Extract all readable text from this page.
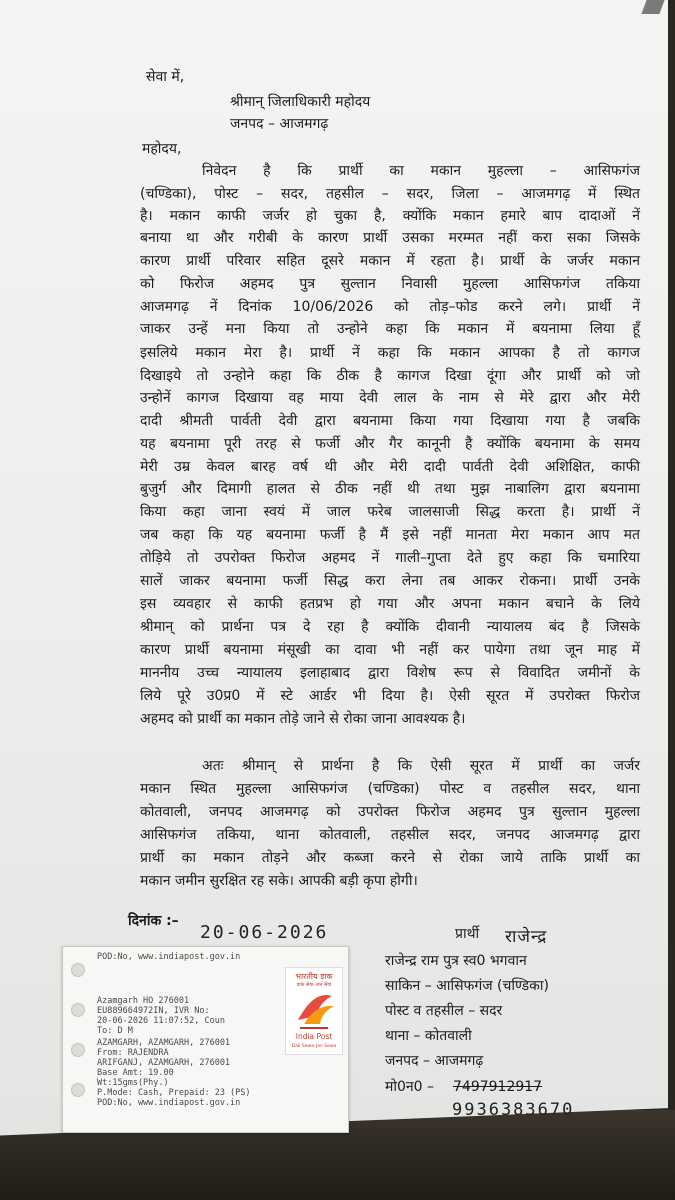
सेवा में,
श्रीमान् जिलाधिकारी महोदय
जनपद – आजमगढ़
महोदय,
निवेदन है कि प्रार्थी का मकान मुहल्ला – आसिफगंज
(चण्डिका), पोस्ट – सदर, तहसील – सदर, जिला – आजमगढ़ में स्थित
है। मकान काफी जर्जर हो चुका है, क्योंकि मकान हमारे बाप दादाओं नें
बनाया था और गरीबी के कारण प्रार्थी उसका मरम्मत नहीं करा सका जिसके
कारण प्रार्थी परिवार सहित दूसरे मकान में रहता है। प्रार्थी के जर्जर मकान
को फिरोज अहमद पुत्र सुल्तान निवासी मुहल्ला आसिफगंज तकिया
आजमगढ़ नें दिनांक 10/06/2026 को तोड़–फोड करने लगे। प्रार्थी नें
जाकर उन्हें मना किया तो उन्होने कहा कि मकान में बयनामा लिया हूँ
इसलिये मकान मेरा है। प्रार्थी नें कहा कि मकान आपका है तो कागज
दिखाइये तो उन्होने कहा कि ठीक है कागज दिखा दूंगा और प्रार्थी को जो
उन्होनें कागज दिखाया वह माया देवी लाल के नाम से मेरे द्वारा और मेरी
दादी श्रीमती पार्वती देवी द्वारा बयनामा किया गया दिखाया गया है जबकि
यह बयनामा पूरी तरह से फर्जी और गैर कानूनी है क्योंकि बयनामा के समय
मेरी उम्र केवल बारह वर्ष थी और मेरी दादी पार्वती देवी अशिक्षित, काफी
बुजुर्ग और दिमागी हालत से ठीक नहीं थी तथा मुझ नाबालिग द्वारा बयनामा
किया कहा जाना स्वयं में जाल फरेब जालसाजी सिद्ध करता है। प्रार्थी नें
जब कहा कि यह बयनामा फर्जी है मैं इसे नहीं मानता मेरा मकान आप मत
तोड़िये तो उपरोक्त फिरोज अहमद नें गाली–गुप्ता देते हुए कहा कि चमारिया
सालें जाकर बयनामा फर्जी सिद्ध करा लेना तब आकर रोकना। प्रार्थी उनके
इस व्यवहार से काफी हतप्रभ हो गया और अपना मकान बचाने के लिये
श्रीमान् को प्रार्थना पत्र दे रहा है क्योंकि दीवानी न्यायालय बंद है जिसके
कारण प्रार्थी बयनामा मंसूखी का दावा भी नहीं कर पायेगा तथा जून माह में
माननीय उच्च न्यायालय इलाहाबाद द्वारा विशेष रूप से विवादित जमीनों के
लिये पूरे उ0प्र0 में स्टे आर्डर भी दिया है। ऐसी सूरत में उपरोक्त फिरोज
अहमद को प्रार्थी का मकान तोड़े जाने से रोका जाना आवश्यक है।
अतः श्रीमान् से प्रार्थना है कि ऐसी सूरत में प्रार्थी का जर्जर
मकान स्थित मुहल्ला आसिफगंज (चण्डिका) पोस्ट व तहसील सदर, थाना
कोतवाली, जनपद आजमगढ़ को उपरोक्त फिरोज अहमद पुत्र सुल्तान मुहल्ला
आसिफगंज तकिया, थाना कोतवाली, तहसील सदर, जनपद आजमगढ़ द्वारा
प्रार्थी का मकान तोड़ने और कब्जा करने से रोका जाये ताकि प्रार्थी का
मकान जमीन सुरक्षित रह सके। आपकी बड़ी कृपा होगी।
दिनांक :–
20-06-2026	प्रार्थी राजेन्द्र
राजेन्द्र राम पुत्र स्व0 भगवान
साकिन – आसिफगंज (चण्डिका)
पोस्ट व तहसील – सदर
थाना – कोतवाली
जनपद – आजमगढ़
मो0न0 – 7497912917
9936383670
POD:No, www.indiapost.gov.in
Azamgarh HO 276001
EU889664972IN, IVR No:
20-06-2026 11:07:52, Coun
To: D M
AZAMGARH, AZAMGARH, 276001
From: RAJENDRA
ARIFGANJ, AZAMGARH, 276001
Base Amt: 19.00
Wt:15gms(Phy.)
P.Mode: Cash, Prepaid: 23 (PS)
POD:No, www.indiapost.gov.in
भारतीय डाक
डाक सेवा–जन सेवा
India Post
Dak Sewa-Jan Sewa
